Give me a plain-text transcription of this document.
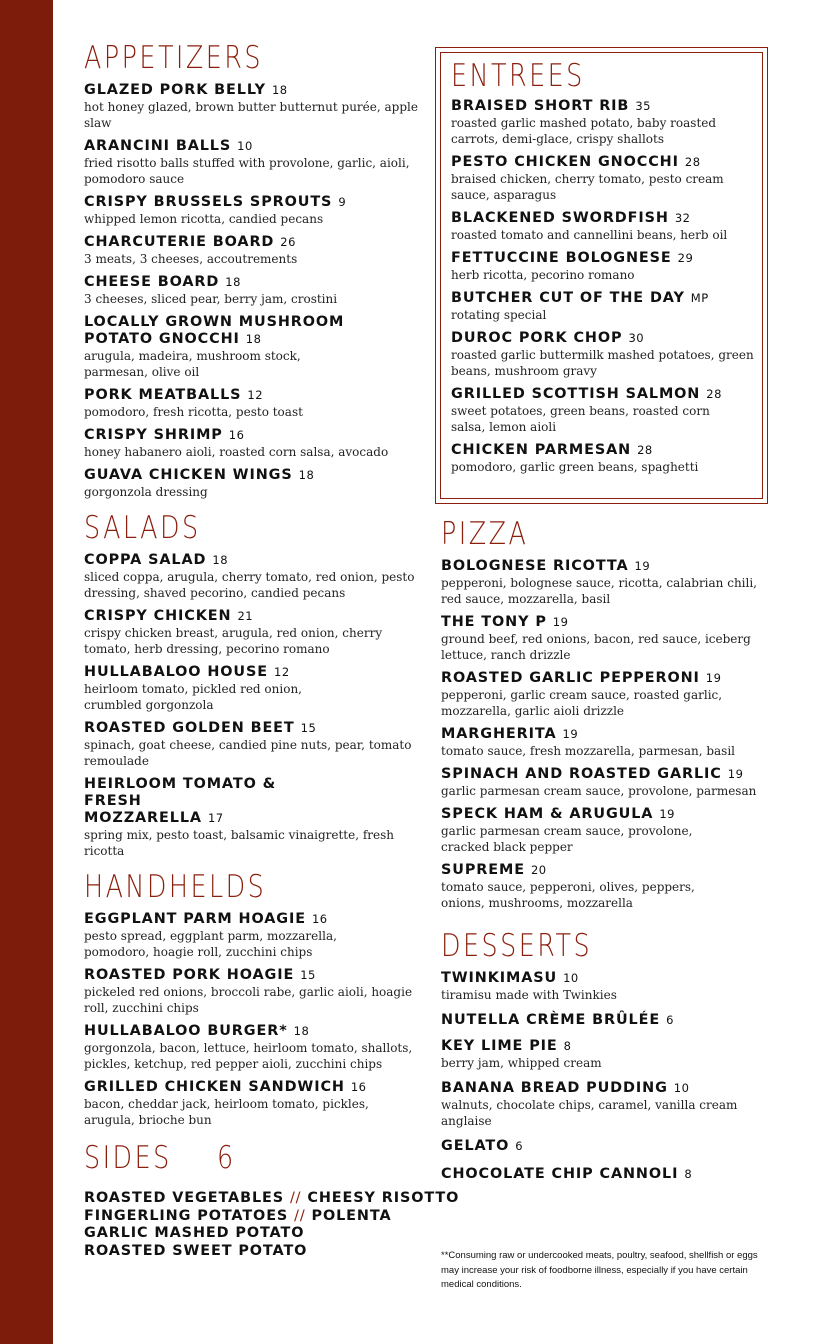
APPETIZERS
GLAZED PORK BELLY 18
hot honey glazed, brown butter butternut purée, apple slaw
ARANCINI BALLS 10
fried risotto balls stuffed with provolone, garlic, aioli, pomodoro sauce
CRISPY BRUSSELS SPROUTS 9
whipped lemon ricotta, candied pecans
CHARCUTERIE BOARD 26
3 meats, 3 cheeses, accoutrements
CHEESE BOARD 18
3 cheeses, sliced pear, berry jam, crostini
LOCALLY GROWN MUSHROOM POTATO GNOCCHI 18
arugula, madeira, mushroom stock, parmesan, olive oil
PORK MEATBALLS 12
pomodoro, fresh ricotta, pesto toast
CRISPY SHRIMP 16
honey habanero aioli, roasted corn salsa, avocado
GUAVA CHICKEN WINGS 18
gorgonzola dressing
SALADS
COPPA SALAD 18
sliced coppa, arugula, cherry tomato, red onion, pesto dressing, shaved pecorino, candied pecans
CRISPY CHICKEN 21
crispy chicken breast, arugula, red onion, cherry tomato, herb dressing, pecorino romano
HULLABALOO HOUSE 12
heirloom tomato, pickled red onion, crumbled gorgonzola
ROASTED GOLDEN BEET 15
spinach, goat cheese, candied pine nuts, pear, tomato remoulade
HEIRLOOM TOMATO & FRESH MOZZARELLA 17
spring mix, pesto toast, balsamic vinaigrette, fresh ricotta
HANDHELDS
EGGPLANT PARM HOAGIE 16
pesto spread, eggplant parm, mozzarella, pomodoro, hoagie roll, zucchini chips
ROASTED PORK HOAGIE 15
pickeled red onions, broccoli rabe, garlic aioli, hoagie roll, zucchini chips
HULLABALOO BURGER* 18
gorgonzola, bacon, lettuce, heirloom tomato, shallots, pickles, ketchup, red pepper aioli, zucchini chips
GRILLED CHICKEN SANDWICH 16
bacon, cheddar jack, heirloom tomato, pickles, arugula, brioche bun
SIDES 6
ROASTED VEGETABLES // CHEESY RISOTTO
FINGERLING POTATOES // POLENTA
GARLIC MASHED POTATO
ROASTED SWEET POTATO
ENTREES
BRAISED SHORT RIB 35
roasted garlic mashed potato, baby roasted carrots, demi-glace, crispy shallots
PESTO CHICKEN GNOCCHI 28
braised chicken, cherry tomato, pesto cream sauce, asparagus
BLACKENED SWORDFISH 32
roasted tomato and cannellini beans, herb oil
FETTUCCINE BOLOGNESE 29
herb ricotta, pecorino romano
BUTCHER CUT OF THE DAY MP
rotating special
DUROC PORK CHOP 30
roasted garlic buttermilk mashed potatoes, green beans, mushroom gravy
GRILLED SCOTTISH SALMON 28
sweet potatoes, green beans, roasted corn salsa, lemon aioli
CHICKEN PARMESAN 28
pomodoro, garlic green beans, spaghetti
PIZZA
BOLOGNESE RICOTTA 19
pepperoni, bolognese sauce, ricotta, calabrian chili, red sauce, mozzarella, basil
THE TONY P 19
ground beef, red onions, bacon, red sauce, iceberg lettuce, ranch drizzle
ROASTED GARLIC PEPPERONI 19
pepperoni, garlic cream sauce, roasted garlic, mozzarella, garlic aioli drizzle
MARGHERITA 19
tomato sauce, fresh mozzarella, parmesan, basil
SPINACH AND ROASTED GARLIC 19
garlic parmesan cream sauce, provolone, parmesan
SPECK HAM & ARUGULA 19
garlic parmesan cream sauce, provolone, cracked black pepper
SUPREME 20
tomato sauce, pepperoni, olives, peppers, onions, mushrooms, mozzarella
DESSERTS
TWINKIMASU 10
tiramisu made with Twinkies
NUTELLA CRÈME BRÛLÉE 6
KEY LIME PIE 8
berry jam, whipped cream
BANANA BREAD PUDDING 10
walnuts, chocolate chips, caramel, vanilla cream anglaise
GELATO 6
CHOCOLATE CHIP CANNOLI 8
**Consuming raw or undercooked meats, poultry, seafood, shellfish or eggs may increase your risk of foodborne illness, especially if you have certain medical conditions.
